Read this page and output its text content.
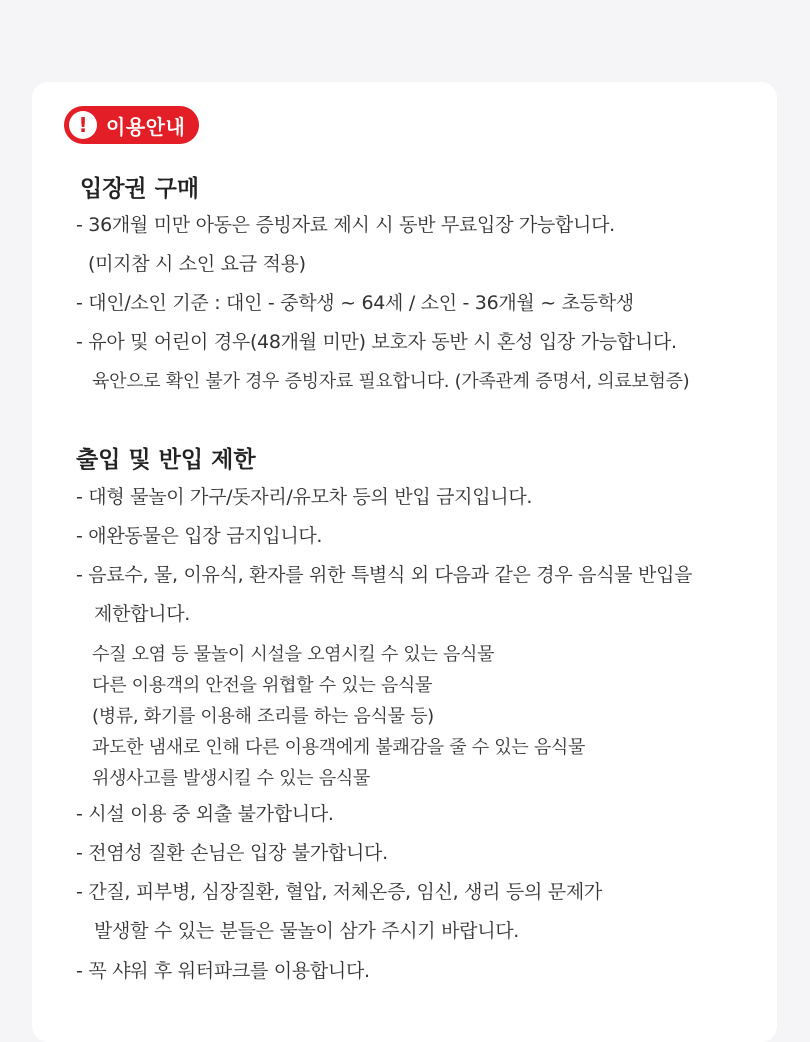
! 이용안내
입장권 구매
- 36개월 미만 아동은 증빙자료 제시 시 동반 무료입장 가능합니다.
(미지참 시 소인 요금 적용)
- 대인/소인 기준 : 대인 - 중학생 ~ 64세 / 소인 - 36개월 ~ 초등학생
- 유아 및 어린이 경우(48개월 미만) 보호자 동반 시 혼성 입장 가능합니다.
육안으로 확인 불가 경우 증빙자료 필요합니다. (가족관계 증명서, 의료보험증)
출입 및 반입 제한
- 대형 물놀이 가구/돗자리/유모차 등의 반입 금지입니다.
- 애완동물은 입장 금지입니다.
- 음료수, 물, 이유식, 환자를 위한 특별식 외 다음과 같은 경우 음식물 반입을
제한합니다.
수질 오염 등 물놀이 시설을 오염시킬 수 있는 음식물
다른 이용객의 안전을 위협할 수 있는 음식물
(병류, 화기를 이용해 조리를 하는 음식물 등)
과도한 냄새로 인해 다른 이용객에게 불쾌감을 줄 수 있는 음식물
위생사고를 발생시킬 수 있는 음식물
- 시설 이용 중 외출 불가합니다.
- 전염성 질환 손님은 입장 불가합니다.
- 간질, 피부병, 심장질환, 혈압, 저체온증, 임신, 생리 등의 문제가
발생할 수 있는 분들은 물놀이 삼가 주시기 바랍니다.
- 꼭 샤워 후 워터파크를 이용합니다.
